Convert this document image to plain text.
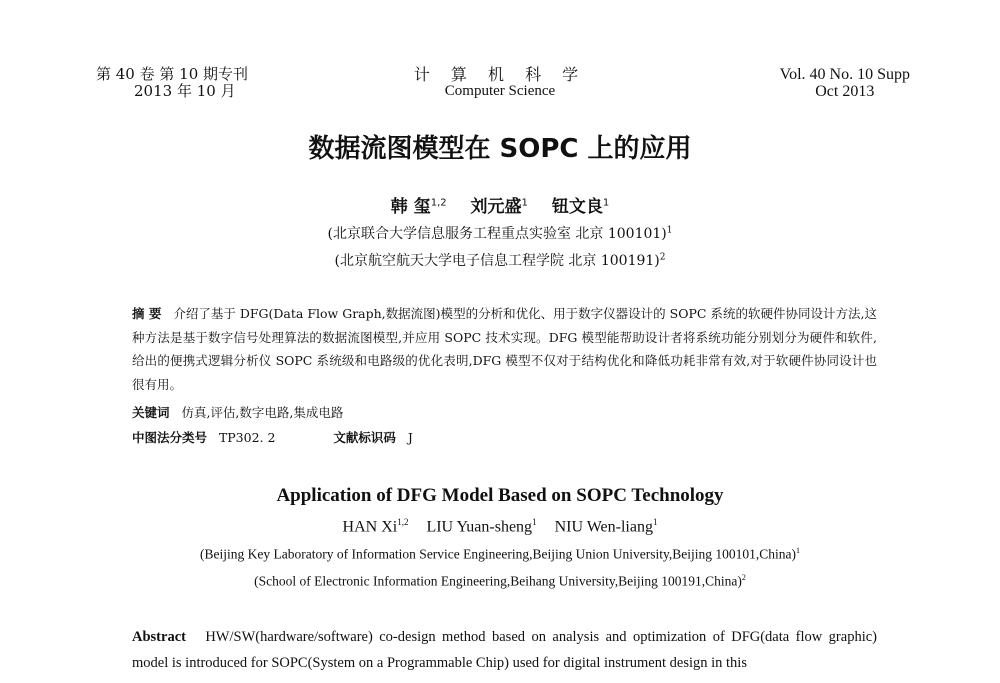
第 40 卷 第 10 期专刊
2013 年 10 月
计 算 机 科 学
Computer Science
Vol. 40 No. 10 Supp
Oct 2013
数据流图模型在 SOPC 上的应用
韩 玺$^{1,2}$ 刘元盛$^1$ 钮文良$^1$
(北京联合大学信息服务工程重点实验室 北京 100101)$^1$
(北京航空航天大学电子信息工程学院 北京 100191)$^2$
摘 要 介绍了基于 DFG(Data Flow Graph,数据流图)模型的分析和优化、用于数字仪器设计的 SOPC 系统的软硬件协同设计方法,这种方法是基于数字信号处理算法的数据流图模型,并应用 SOPC 技术实现。DFG 模型能帮助设计者将系统功能分别划分为硬件和软件,给出的便携式逻辑分析仪 SOPC 系统级和电路级的优化表明,DFG 模型不仅对于结构优化和降低功耗非常有效,对于软硬件协同设计也很有用。
关键词 仿真,评估,数字电路,集成电路
中图法分类号 TP302. 2	文献标识码 J
Application of DFG Model Based on SOPC Technology
HAN Xi$^{1,2}$ LIU Yuan-sheng$^1$ NIU Wen-liang$^1$
(Beijing Key Laboratory of Information Service Engineering,Beijing Union University,Beijing 100101,China)$^1$
(School of Electronic Information Engineering,Beihang University,Beijing 100191,China)$^2$
Abstract HW/SW(hardware/software) co-design method based on analysis and optimization of DFG(data flow graphic) model is introduced for SOPC(System on a Programmable Chip) used for digital instrument design in this
